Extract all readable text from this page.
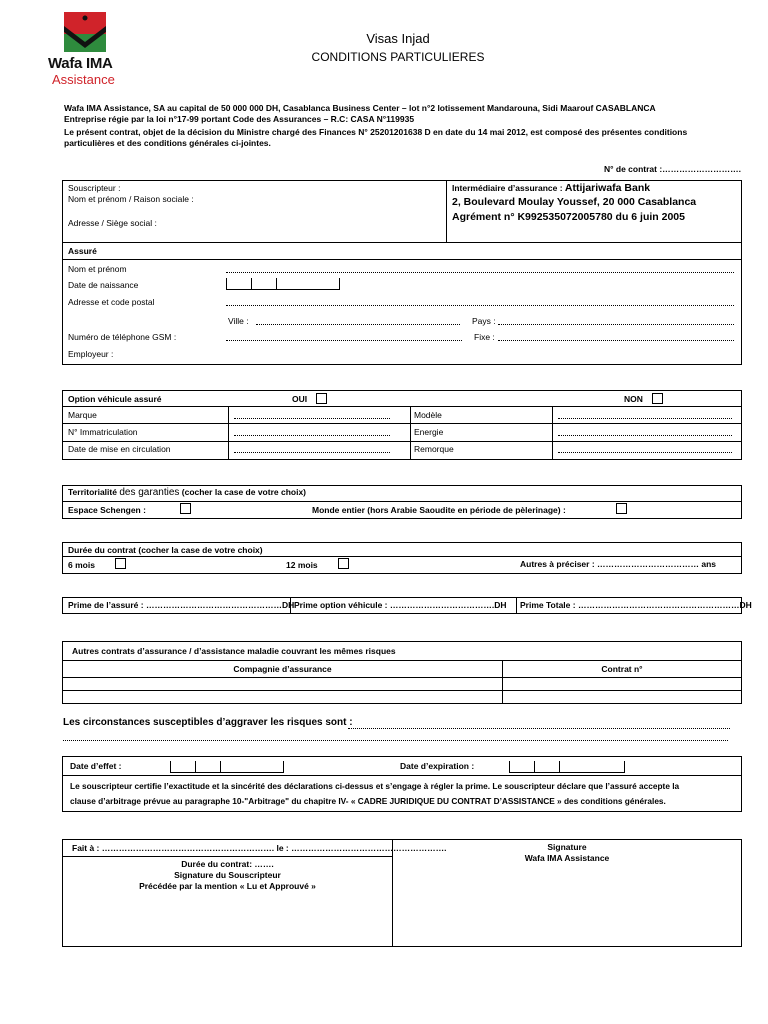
Wafa IMA
Assistance
Visas Injad
CONDITIONS PARTICULIERES
Wafa IMA Assistance, SA au capital de 50 000 000 DH, Casablanca Business Center – lot n°2 lotissement Mandarouna, Sidi Maarouf CASABLANCA
Entreprise régie par la loi n°17-99 portant Code des Assurances – R.C: CASA N°119935
Le présent contrat, objet de la décision du Ministre chargé des Finances N° 25201201638 D en date du 14 mai 2012, est composé des présentes conditions
particulières et des conditions générales ci-jointes.
N° de contrat :……………………….
Souscripteur :
Nom et prénom / Raison sociale :
Adresse / Siège social :
Intermédiaire d’assurance : Attijariwafa Bank
2, Boulevard Moulay Youssef, 20 000 Casablanca
Agrément n° K992535072005780 du 6 juin 2005
Assuré
Nom et prénom
Date de naissance
Adresse et code postal
Ville :	Pays :
Numéro de téléphone GSM :	Fixe :
Employeur :
Option véhicule assuré	OUI	NON
Marque	Modèle
N° Immatriculation	Energie
Date de mise en circulation	Remorque
Territorialité des garanties (cocher la case de votre choix)
Espace Schengen :	Monde entier (hors Arabie Saoudite en période de pèlerinage) :
Durée du contrat (cocher la case de votre choix)
6 mois	12 mois	Autres à préciser : ……………………………… ans
Prime de l’assuré : …………………………………………DH Prime option véhicule : ……………………………….DH Prime Totale : …………………………………………………DH
Autres contrats d’assurance / d’assistance maladie couvrant les mêmes risques
Compagnie d’assurance	Contrat n°
Les circonstances susceptibles d’aggraver les risques sont :
Date d’effet :	Date d’expiration :
Le souscripteur certifie l’exactitude et la sincérité des déclarations ci-dessus et s’engage à régler la prime. Le souscripteur déclare que l’assuré accepte la
clause d’arbitrage prévue au paragraphe 10-"Arbitrage" du chapitre IV- « CADRE JURIDIQUE DU CONTRAT D’ASSISTANCE » des conditions générales.
Fait à : ……………………………………………………. le : ……………………………………………….
Durée du contrat: …….
Signature du Souscripteur
Précédée par la mention « Lu et Approuvé »
Signature
Wafa IMA Assistance
